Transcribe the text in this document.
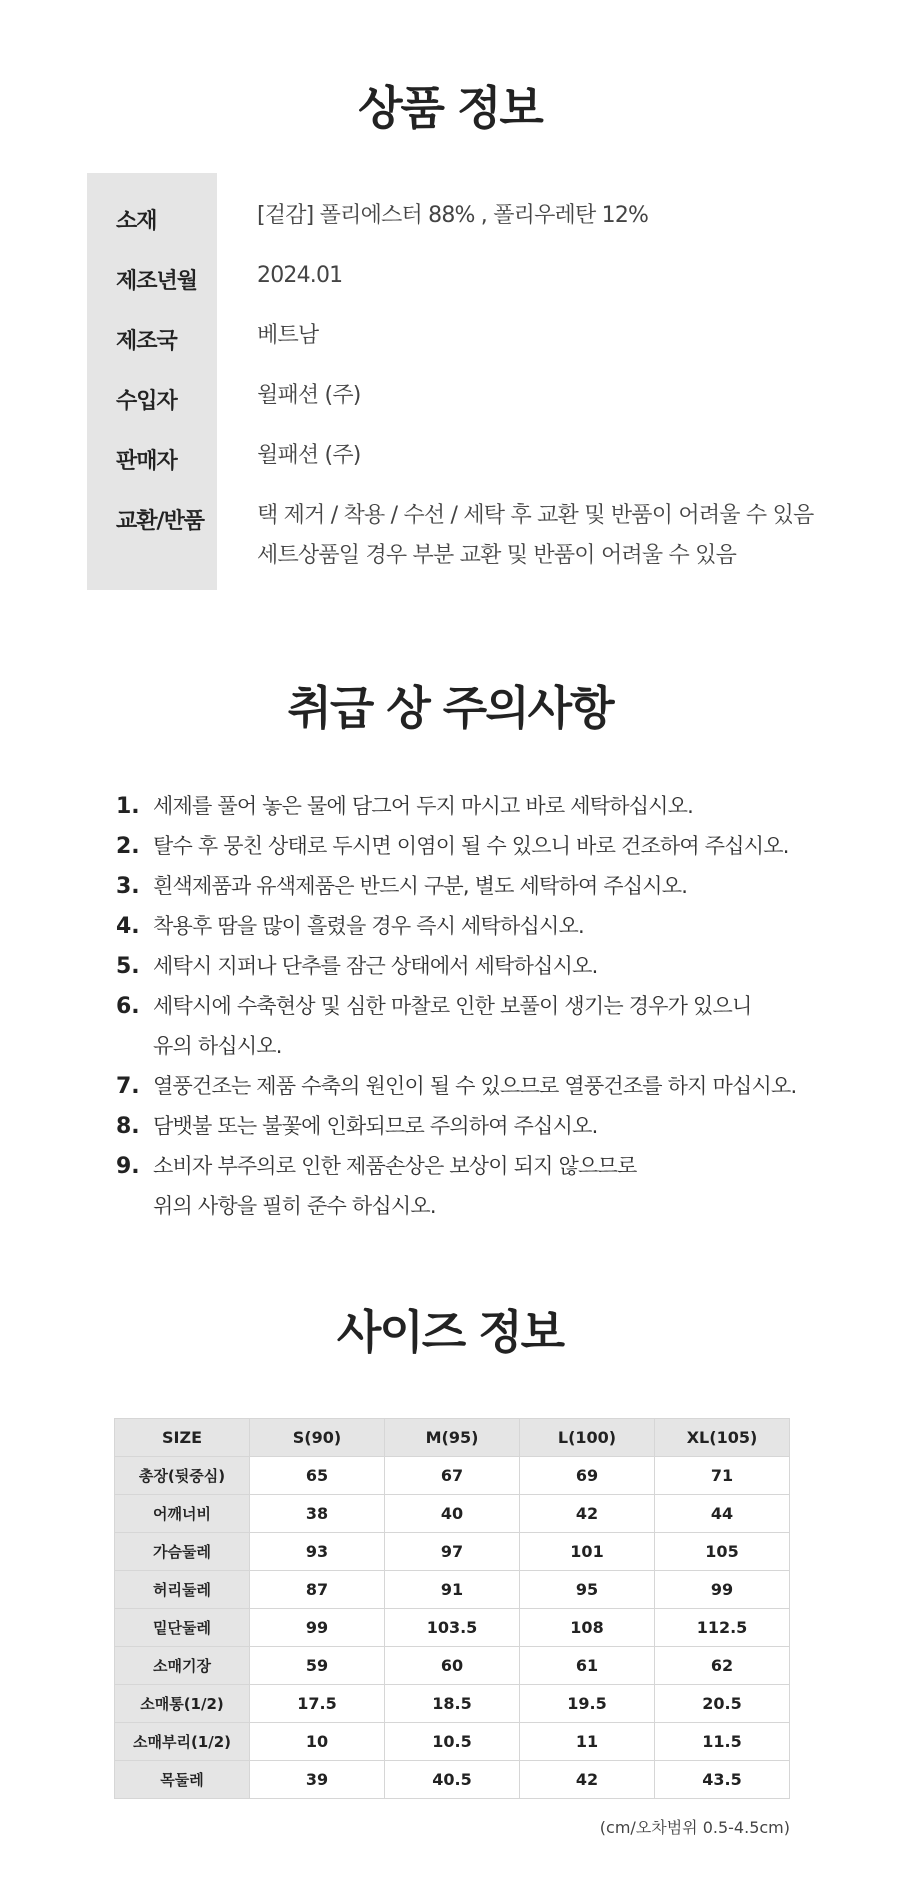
상품 정보
소재	[겉감] 폴리에스터 88% , 폴리우레탄 12%
제조년월	2024.01
제조국	베트남
수입자	윌패션 (주)
판매자	윌패션 (주)
교환/반품 택 제거 / 착용 / 수선 / 세탁 후 교환 및 반품이 어려울 수 있음
세트상품일 경우 부분 교환 및 반품이 어려울 수 있음
취급 상 주의사항
1. 세제를 풀어 놓은 물에 담그어 두지 마시고 바로 세탁하십시오.
2. 탈수 후 뭉친 상태로 두시면 이염이 될 수 있으니 바로 건조하여 주십시오.
3. 흰색제품과 유색제품은 반드시 구분, 별도 세탁하여 주십시오.
4. 착용후 땀을 많이 흘렸을 경우 즉시 세탁하십시오.
5. 세탁시 지퍼나 단추를 잠근 상태에서 세탁하십시오.
6. 세탁시에 수축현상 및 심한 마찰로 인한 보풀이 생기는 경우가 있으니
유의 하십시오.
7. 열풍건조는 제품 수축의 원인이 될 수 있으므로 열풍건조를 하지 마십시오.
8. 담뱃불 또는 불꽃에 인화되므로 주의하여 주십시오.
9. 소비자 부주의로 인한 제품손상은 보상이 되지 않으므로
위의 사항을 필히 준수 하십시오.
사이즈 정보
SIZE	S(90)	M(95)	L(100)	XL(105)
총장(뒷중심)	65	67	69	71
어깨너비	38	40	42	44
가슴둘레	93	97	101	105
허리둘레	87	91	95	99
밑단둘레	99	103.5	108	112.5
소매기장	59	60	61	62
소매통(1/2)	17.5	18.5	19.5	20.5
소매부리(1/2)	10	10.5	11	11.5
목둘레	39	40.5	42	43.5
(cm/오차범위 0.5-4.5cm)
